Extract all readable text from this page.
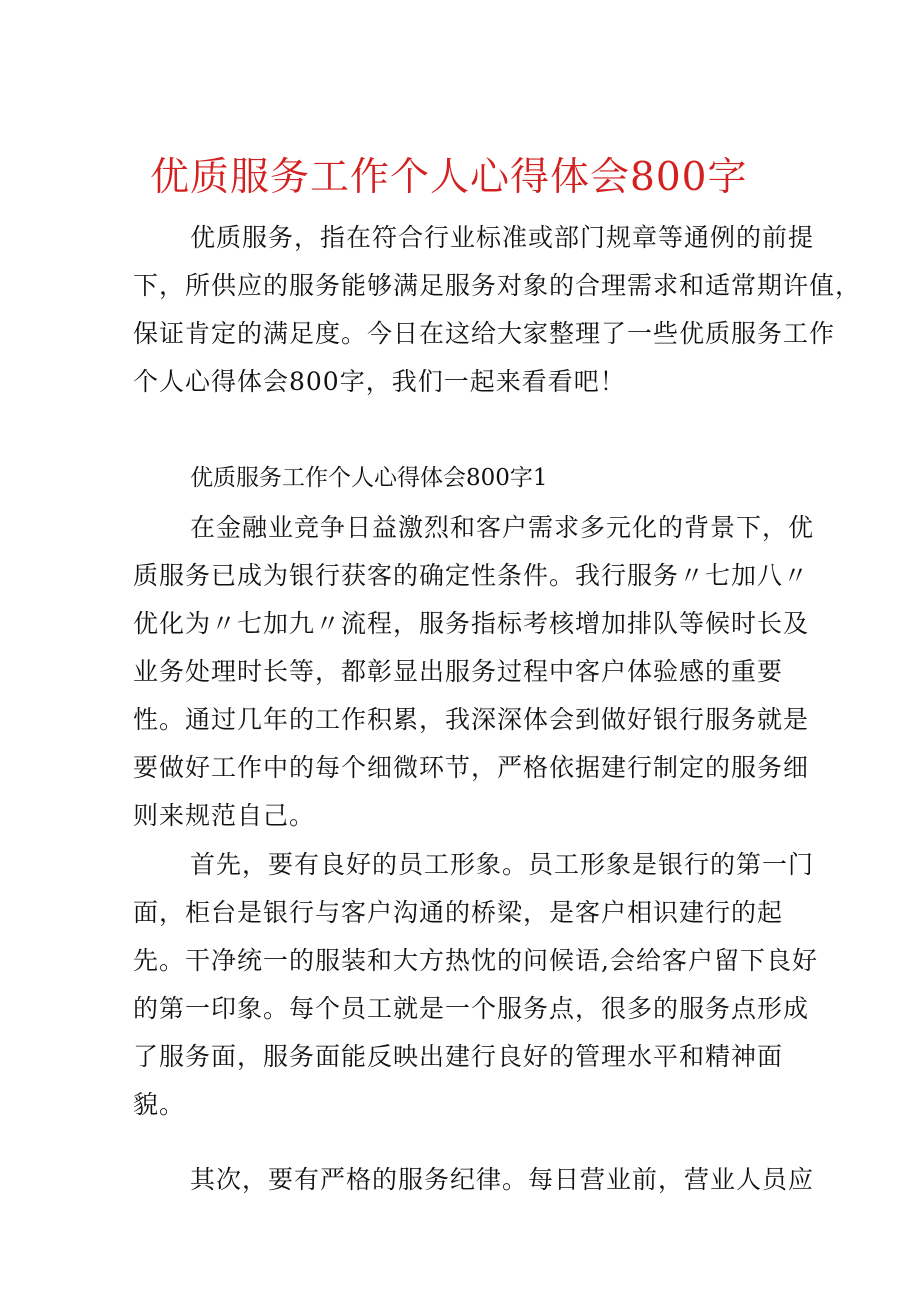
优质服务工作个人心得体会800字
优质服务，指在符合行业标准或部门规章等通例的前提
下，所供应的服务能够满足服务对象的合理需求和适常期许值，
保证肯定的满足度。今日在这给大家整理了一些优质服务工作
个人心得体会800字，我们一起来看看吧！
优质服务工作个人心得体会800字1
在金融业竞争日益激烈和客户需求多元化的背景下，优
质服务已成为银行获客的确定性条件。我行服务〃七加八〃
优化为〃七加九〃流程，服务指标考核增加排队等候时长及
业务处理时长等，都彰显出服务过程中客户体验感的重要
性。通过几年的工作积累，我深深体会到做好银行服务就是
要做好工作中的每个细微环节，严格依据建行制定的服务细
则来规范自己。
首先，要有良好的员工形象。员工形象是银行的第一门
面，柜台是银行与客户沟通的桥梁，是客户相识建行的起
先。干净统一的服装和大方热忱的问候语,会给客户留下良好
的第一印象。每个员工就是一个服务点，很多的服务点形成
了服务面，服务面能反映出建行良好的管理水平和精神面
貌。
其次，要有严格的服务纪律。每日营业前，营业人员应
